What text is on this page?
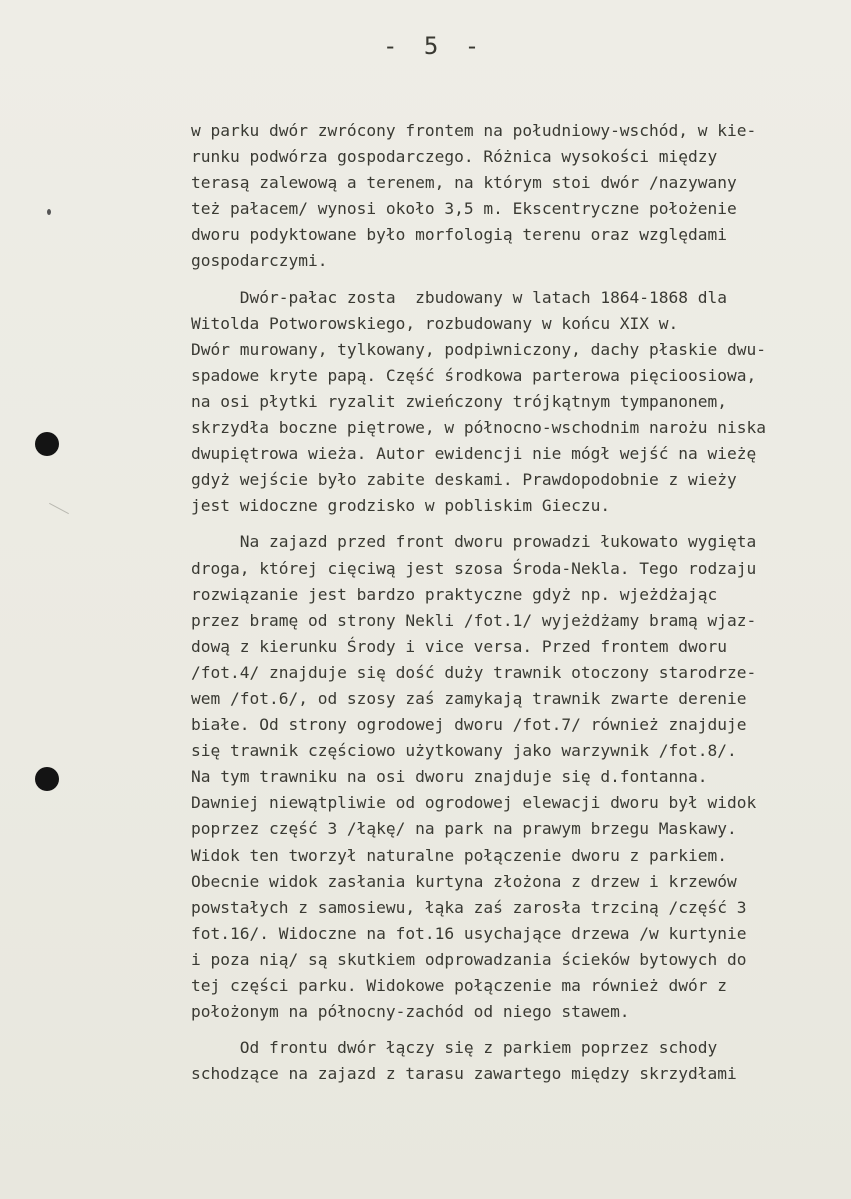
- 5 -
w parku dwór zwrócony frontem na południowy-wschód, w kie-
runku podwórza gospodarczego. Różnica wysokości między
terasą zalewową a terenem, na którym stoi dwór /nazywany
też pałacem/ wynosi około 3,5 m. Ekscentryczne położenie
dworu podyktowane było morfologią terenu oraz względami
gospodarczymi.
Dwór-pałac zosta  zbudowany w latach 1864-1868 dla
Witolda Potworowskiego, rozbudowany w końcu XIX w.
Dwór murowany, tylkowany, podpiwniczony, dachy płaskie dwu-
spadowe kryte papą. Część środkowa parterowa pięcioosiowa,
na osi płytki ryzalit zwieńczony trójkątnym tympanonem,
skrzydła boczne piętrowe, w północno-wschodnim narożu niska
dwupiętrowa wieża. Autor ewidencji nie mógł wejść na wieżę
gdyż wejście było zabite deskami. Prawdopodobnie z wieży
jest widoczne grodzisko w pobliskim Gieczu.
Na zajazd przed front dworu prowadzi łukowato wygięta
droga, której cięciwą jest szosa Środa-Nekla. Tego rodzaju
rozwiązanie jest bardzo praktyczne gdyż np. wjeżdżając
przez bramę od strony Nekli /fot.1/ wyjeżdżamy bramą wjaz-
dową z kierunku Środy i vice versa. Przed frontem dworu
/fot.4/ znajduje się dość duży trawnik otoczony starodrze-
wem /fot.6/, od szosy zaś zamykają trawnik zwarte derenie
białe. Od strony ogrodowej dworu /fot.7/ również znajduje
się trawnik częściowo użytkowany jako warzywnik /fot.8/.
Na tym trawniku na osi dworu znajduje się d.fontanna.
Dawniej niewątpliwie od ogrodowej elewacji dworu był widok
poprzez część 3 /łąkę/ na park na prawym brzegu Maskawy.
Widok ten tworzył naturalne połączenie dworu z parkiem.
Obecnie widok zasłania kurtyna złożona z drzew i krzewów
powstałych z samosiewu, łąka zaś zarosła trzciną /część 3
fot.16/. Widoczne na fot.16 usychające drzewa /w kurtynie
i poza nią/ są skutkiem odprowadzania ścieków bytowych do
tej części parku. Widokowe połączenie ma również dwór z
położonym na północny-zachód od niego stawem.
Od frontu dwór łączy się z parkiem poprzez schody
schodzące na zajazd z tarasu zawartego między skrzydłami
